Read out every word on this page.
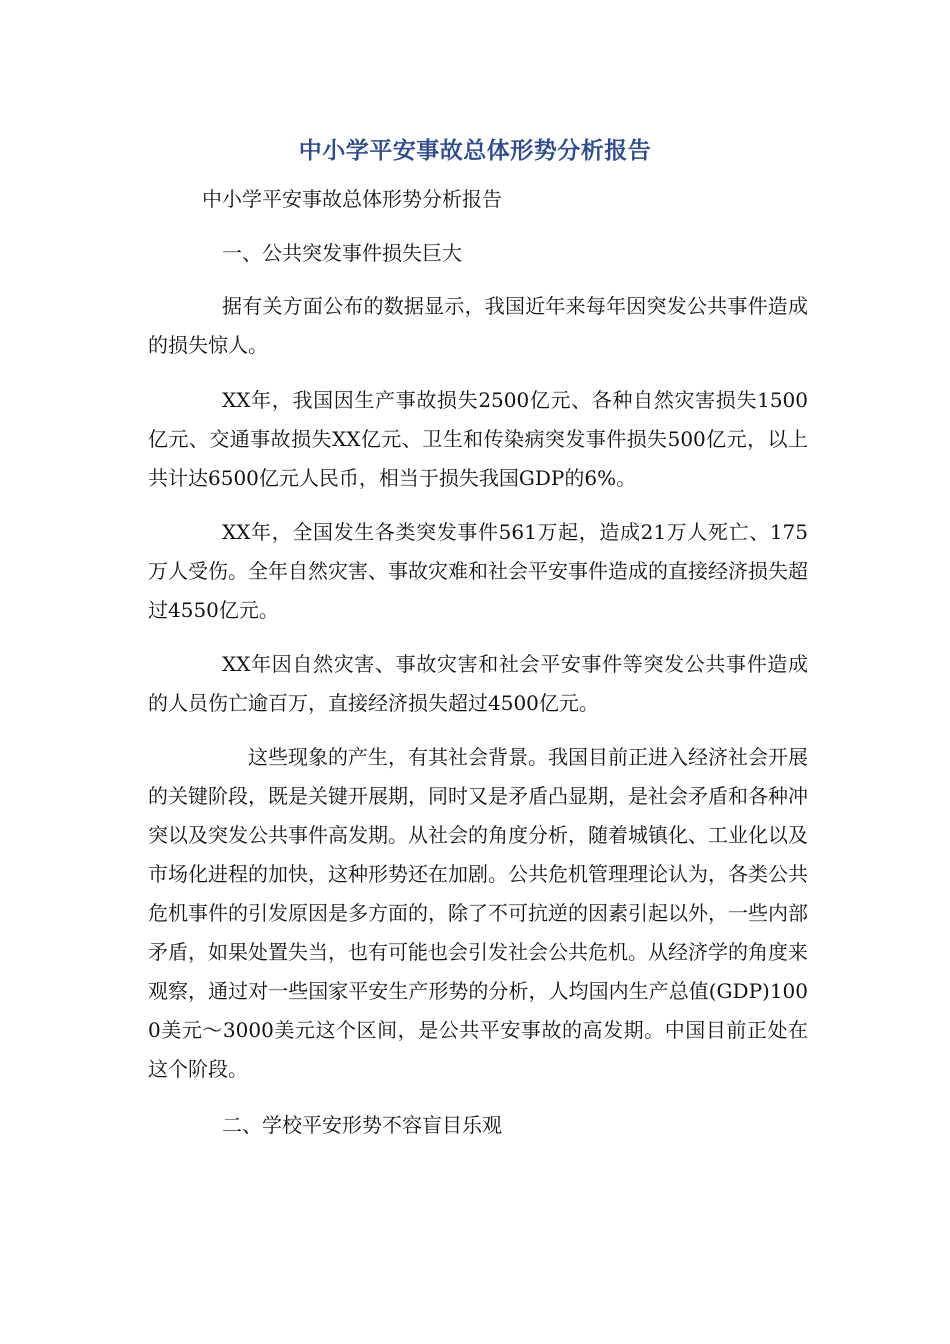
中小学平安事故总体形势分析报告

中小学平安事故总体形势分析报告

一、公共突发事件损失巨大

据有关方面公布的数据显示，我国近年来每年因突发公共事件造成的损失惊人。

XX年，我国因生产事故损失2500亿元、各种自然灾害损失1500亿元、交通事故损失XX亿元、卫生和传染病突发事件损失500亿元，以上共计达6500亿元人民币，相当于损失我国GDP的6%。

XX年，全国发生各类突发事件561万起，造成21万人死亡、175万人受伤。全年自然灾害、事故灾难和社会平安事件造成的直接经济损失超过4550亿元。

XX年因自然灾害、事故灾害和社会平安事件等突发公共事件造成的人员伤亡逾百万，直接经济损失超过4500亿元。

这些现象的产生，有其社会背景。我国目前正进入经济社会开展的关键阶段，既是关键开展期，同时又是矛盾凸显期，是社会矛盾和各种冲突以及突发公共事件高发期。从社会的角度分析，随着城镇化、工业化以及市场化进程的加快，这种形势还在加剧。公共危机管理理论认为，各类公共危机事件的引发原因是多方面的，除了不可抗逆的因素引起以外，一些内部矛盾，如果处置失当，也有可能也会引发社会公共危机。从经济学的角度来观察，通过对一些国家平安生产形势的分析，人均国内生产总值(GDP)1000美元～3000美元这个区间，是公共平安事故的高发期。中国目前正处在这个阶段。

二、学校平安形势不容盲目乐观
